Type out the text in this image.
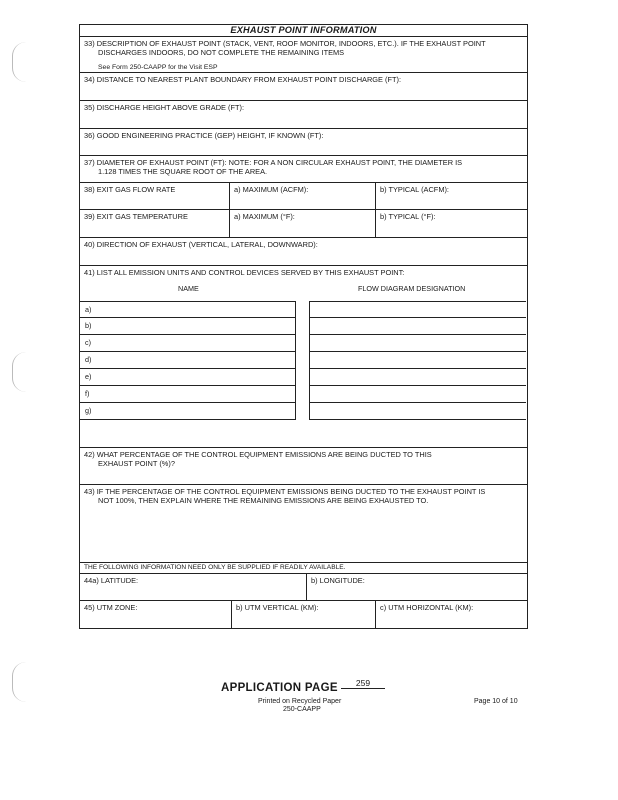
EXHAUST POINT INFORMATION
33) DESCRIPTION OF EXHAUST POINT (STACK, VENT, ROOF MONITOR, INDOORS, ETC.). IF THE EXHAUST POINT
DISCHARGES INDOORS, DO NOT COMPLETE THE REMAINING ITEMS
See Form 250-CAAPP for the Visit ESP
34) DISTANCE TO NEAREST PLANT BOUNDARY FROM EXHAUST POINT DISCHARGE (FT):
35) DISCHARGE HEIGHT ABOVE GRADE (FT):
36) GOOD ENGINEERING PRACTICE (GEP) HEIGHT, IF KNOWN (FT):
37) DIAMETER OF EXHAUST POINT (FT): NOTE: FOR A NON CIRCULAR EXHAUST POINT, THE DIAMETER IS
1.128 TIMES THE SQUARE ROOT OF THE AREA.
38) EXIT GAS FLOW RATE	a) MAXIMUM (ACFM):	b) TYPICAL (ACFM):
39) EXIT GAS TEMPERATURE	a) MAXIMUM (°F):	b) TYPICAL (°F):
40) DIRECTION OF EXHAUST (VERTICAL, LATERAL, DOWNWARD):
41) LIST ALL EMISSION UNITS AND CONTROL DEVICES SERVED BY THIS EXHAUST POINT:
NAME	FLOW DIAGRAM DESIGNATION
a)
b)
c)
d)
e)
f)
g)
42) WHAT PERCENTAGE OF THE CONTROL EQUIPMENT EMISSIONS ARE BEING DUCTED TO THIS
EXHAUST POINT (%)?
43) IF THE PERCENTAGE OF THE CONTROL EQUIPMENT EMISSIONS BEING DUCTED TO THE EXHAUST POINT IS
NOT 100%, THEN EXPLAIN WHERE THE REMAINING EMISSIONS ARE BEING EXHAUSTED TO.
THE FOLLOWING INFORMATION NEED ONLY BE SUPPLIED IF READILY AVAILABLE.
44a) LATITUDE:	b) LONGITUDE:
45) UTM ZONE:	b) UTM VERTICAL (KM):	c) UTM HORIZONTAL (KM):
APPLICATION PAGE	259
Printed on Recycled Paper
250-CAAPP
Page 10 of 10
